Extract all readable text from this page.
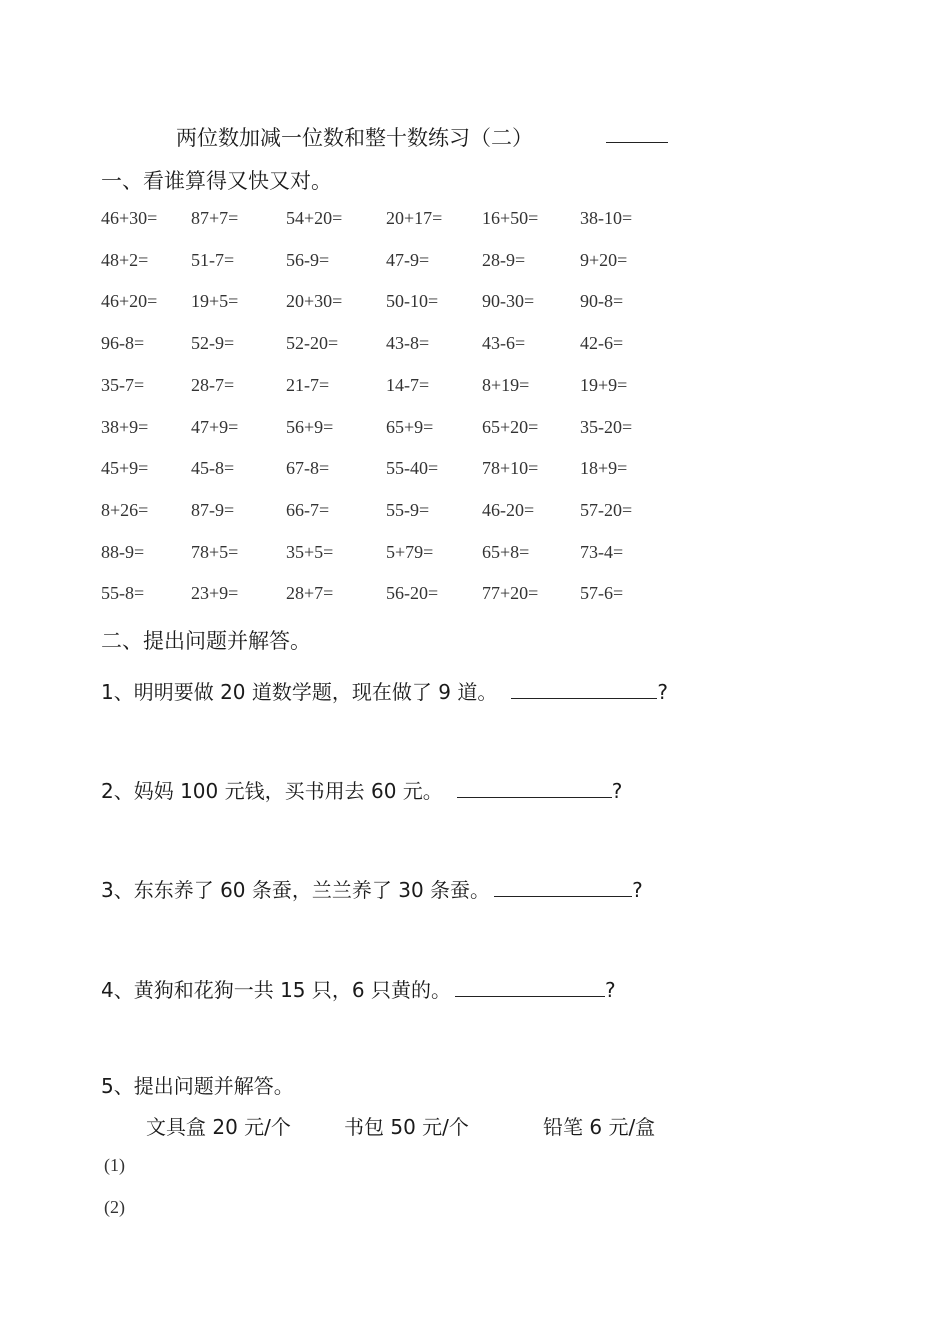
两位数加减一位数和整十数练习（二）
一、看谁算得又快又对。
46+30= 87+7=	54+20= 20+17= 16+50= 38-10=
48+2= 51-7=	56-9=	47-9=	28-9=	9+20=
46+20= 19+5=	20+30= 50-10= 90-30=	90-8=
96-8=	52-9=	52-20=	43-8=	43-6=	42-6=
35-7=	28-7=	21-7=	14-7=	8+19=	19+9=
38+9= 47+9=	56+9=	65+9=	65+20= 35-20=
45+9= 45-8=	67-8=	55-40= 78+10= 18+9=
8+26= 87-9=	66-7=	55-9=	46-20=	57-20=
88-9=	78+5=	35+5=	5+79=	65+8=	73-4=
55-8=	23+9=	28+7=	56-20= 77+20= 57-6=
二、提出问题并解答。
1、明明要做 20 道数学题，现在做了 9 道。	?
2、妈妈 100 元钱，买书用去 60 元。	?
3、东东养了 60 条蚕，兰兰养了 30 条蚕。	?
4、黄狗和花狗一共 15 只，6 只黄的。	?
5、提出问题并解答。
文具盒 20 元/个	书包 50 元/个	铅笔 6 元/盒
(1)
(2)
